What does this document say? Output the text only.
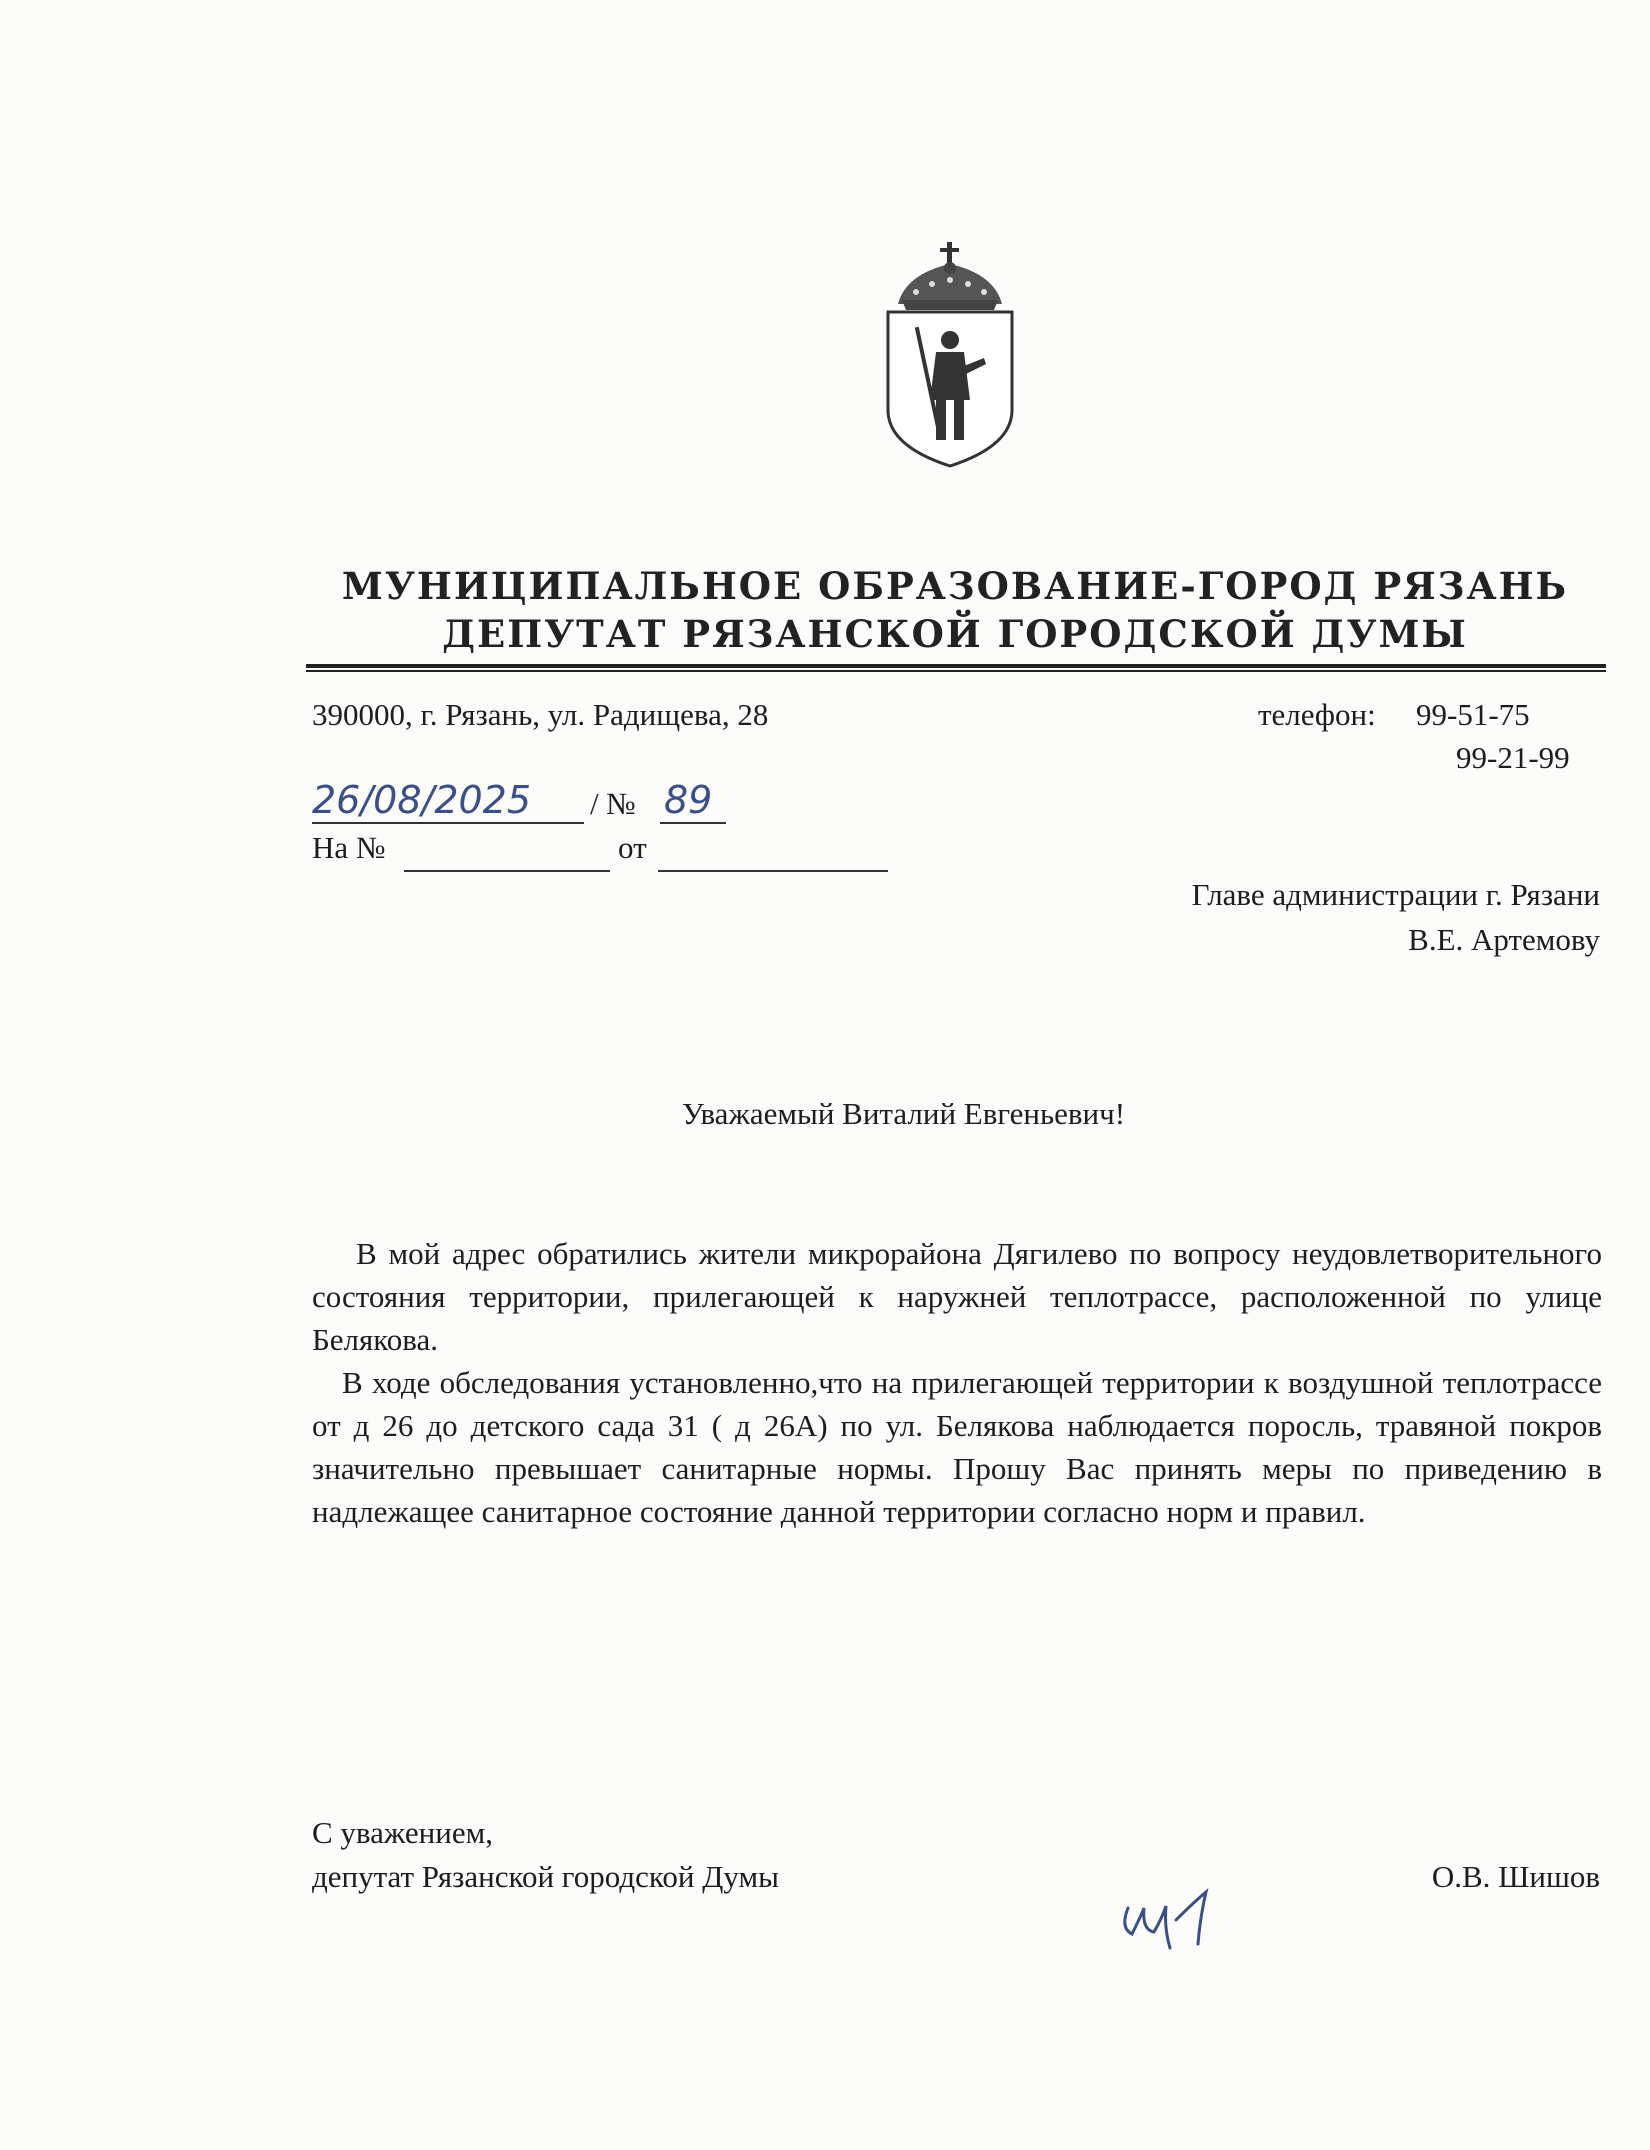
МУНИЦИПАЛЬНОЕ ОБРАЗОВАНИЕ-ГОРОД РЯЗАНЬ
ДЕПУТАТ РЯЗАНСКОЙ ГОРОДСКОЙ ДУМЫ
390000, г. Рязань, ул. Радищева, 28	телефон: 99-51-75
99-21-99
26/08/2025 / № 89
На №	от
Главе администрации г. Рязани
В.Е. Артемову
Уважаемый Виталий Евгеньевич!
В мой адрес обратились жители микрорайона Дягилево по вопросу неудовлетворительного состояния территории, прилегающей к наружней теплотрассе, расположенной по улице Белякова.
В ходе обследования установленно,что на прилегающей территории к воздушной теплотрассе от д 26 до детского сада 31 ( д 26А) по ул. Белякова наблюдается поросль, травяной покров значительно превышает санитарные нормы. Прошу Вас принять меры по приведению в надлежащее санитарное состояние данной территории согласно норм и правил.
С уважением,
депутат Рязанской городской Думы	О.В. Шишов
